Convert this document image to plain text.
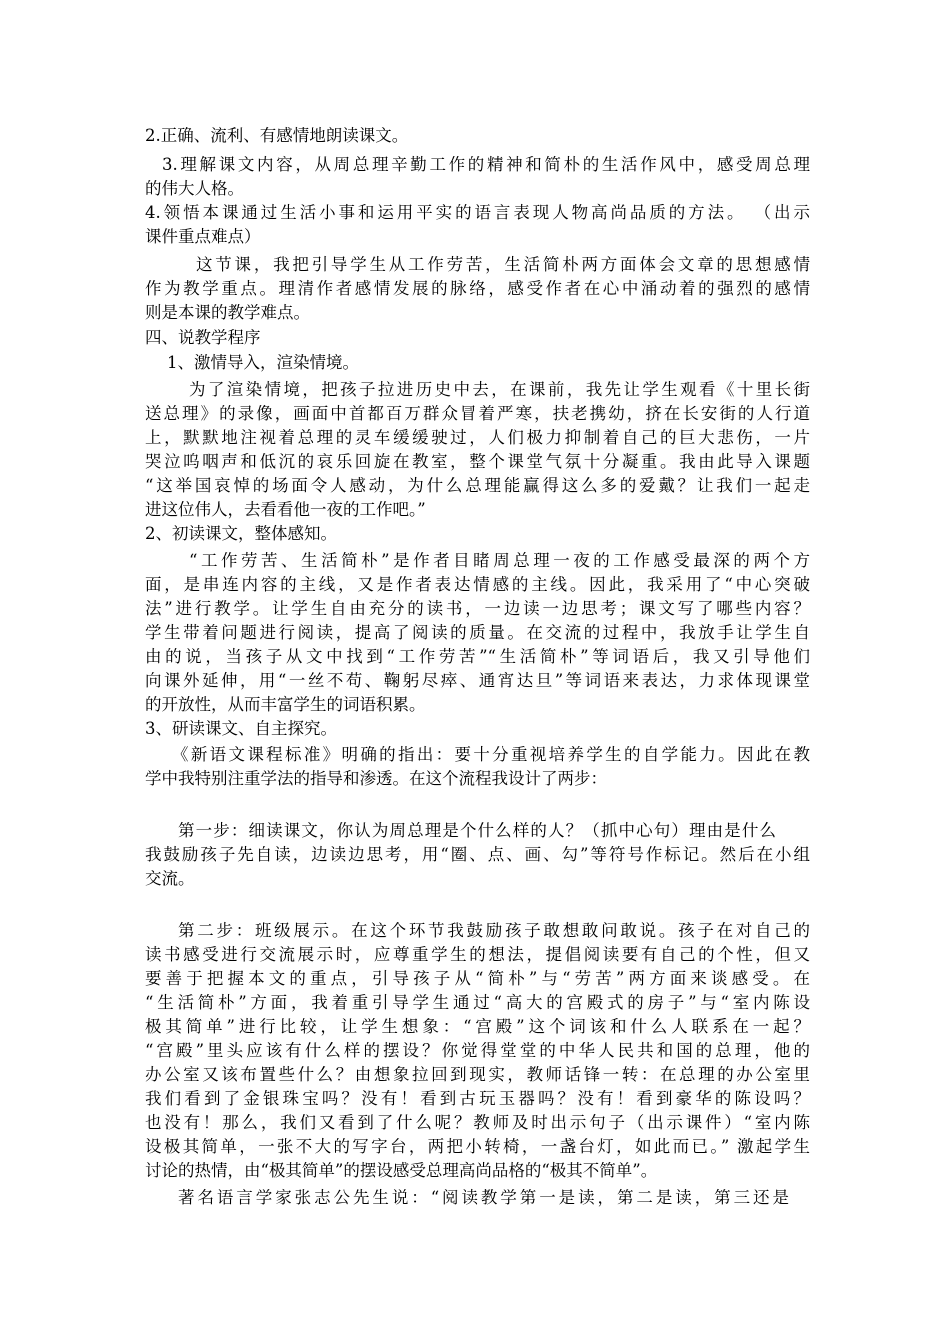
2.正确、流利、有感情地朗读课文。
3.理解课文内容，从周总理辛勤工作的精神和简朴的生活作风中，感受周总理
的伟大人格。
4.领悟本课通过生活小事和运用平实的语言表现人物高尚品质的方法。 （出示
课件重点难点）
这节课，我把引导学生从工作劳苦，生活简朴两方面体会文章的思想感情
作为教学重点。理清作者感情发展的脉络，感受作者在心中涌动着的强烈的感情
则是本课的教学难点。
四、说教学程序
1、激情导入，渲染情境。
为了渲染情境，把孩子拉进历史中去，在课前，我先让学生观看《十里长街
送总理》的录像，画面中首都百万群众冒着严寒，扶老携幼，挤在长安街的人行道
上，默默地注视着总理的灵车缓缓驶过，人们极力抑制着自己的巨大悲伤，一片
哭泣呜咽声和低沉的哀乐回旋在教室，整个课堂气氛十分凝重。我由此导入课题
“这举国哀悼的场面令人感动，为什么总理能赢得这么多的爱戴？让我们一起走
进这位伟人，去看看他一夜的工作吧。”
2、初读课文，整体感知。
“工作劳苦、生活简朴”是作者目睹周总理一夜的工作感受最深的两个方
面，是串连内容的主线，又是作者表达情感的主线。因此，我采用了“中心突破
法”进行教学。让学生自由充分的读书，一边读一边思考；课文写了哪些内容？
学生带着问题进行阅读，提高了阅读的质量。在交流的过程中，我放手让学生自
由的说，当孩子从文中找到“工作劳苦”“生活简朴”等词语后，我又引导他们
向课外延伸，用“一丝不苟、鞠躬尽瘁、通宵达旦”等词语来表达，力求体现课堂
的开放性，从而丰富学生的词语积累。
3、研读课文、自主探究。
《新语文课程标准》明确的指出：要十分重视培养学生的自学能力。因此在教
学中我特别注重学法的指导和渗透。在这个流程我设计了两步：
第一步：细读课文，你认为周总理是个什么样的人？（抓中心句）理由是什么
我鼓励孩子先自读，边读边思考，用“圈、点、画、勾”等符号作标记。然后在小组
交流。
第二步：班级展示。在这个环节我鼓励孩子敢想敢问敢说。孩子在对自己的
读书感受进行交流展示时，应尊重学生的想法，提倡阅读要有自己的个性，但又
要善于把握本文的重点，引导孩子从“简朴”与“劳苦”两方面来谈感受。在
“生活简朴”方面，我着重引导学生通过“高大的宫殿式的房子”与“室内陈设
极其简单”进行比较，让学生想象：“宫殿”这个词该和什么人联系在一起？
“宫殿”里头应该有什么样的摆设？你觉得堂堂的中华人民共和国的总理，他的
办公室又该布置些什么？由想象拉回到现实，教师话锋一转：在总理的办公室里
我们看到了金银珠宝吗？没有！看到古玩玉器吗？没有！看到豪华的陈设吗？
也没有！那么，我们又看到了什么呢？教师及时出示句子（出示课件）“室内陈
设极其简单，一张不大的写字台，两把小转椅，一盏台灯，如此而已。” 激起学生
讨论的热情，由“极其简单”的摆设感受总理高尚品格的“极其不简单”。
著名语言学家张志公先生说：“阅读教学第一是读，第二是读，第三还是
